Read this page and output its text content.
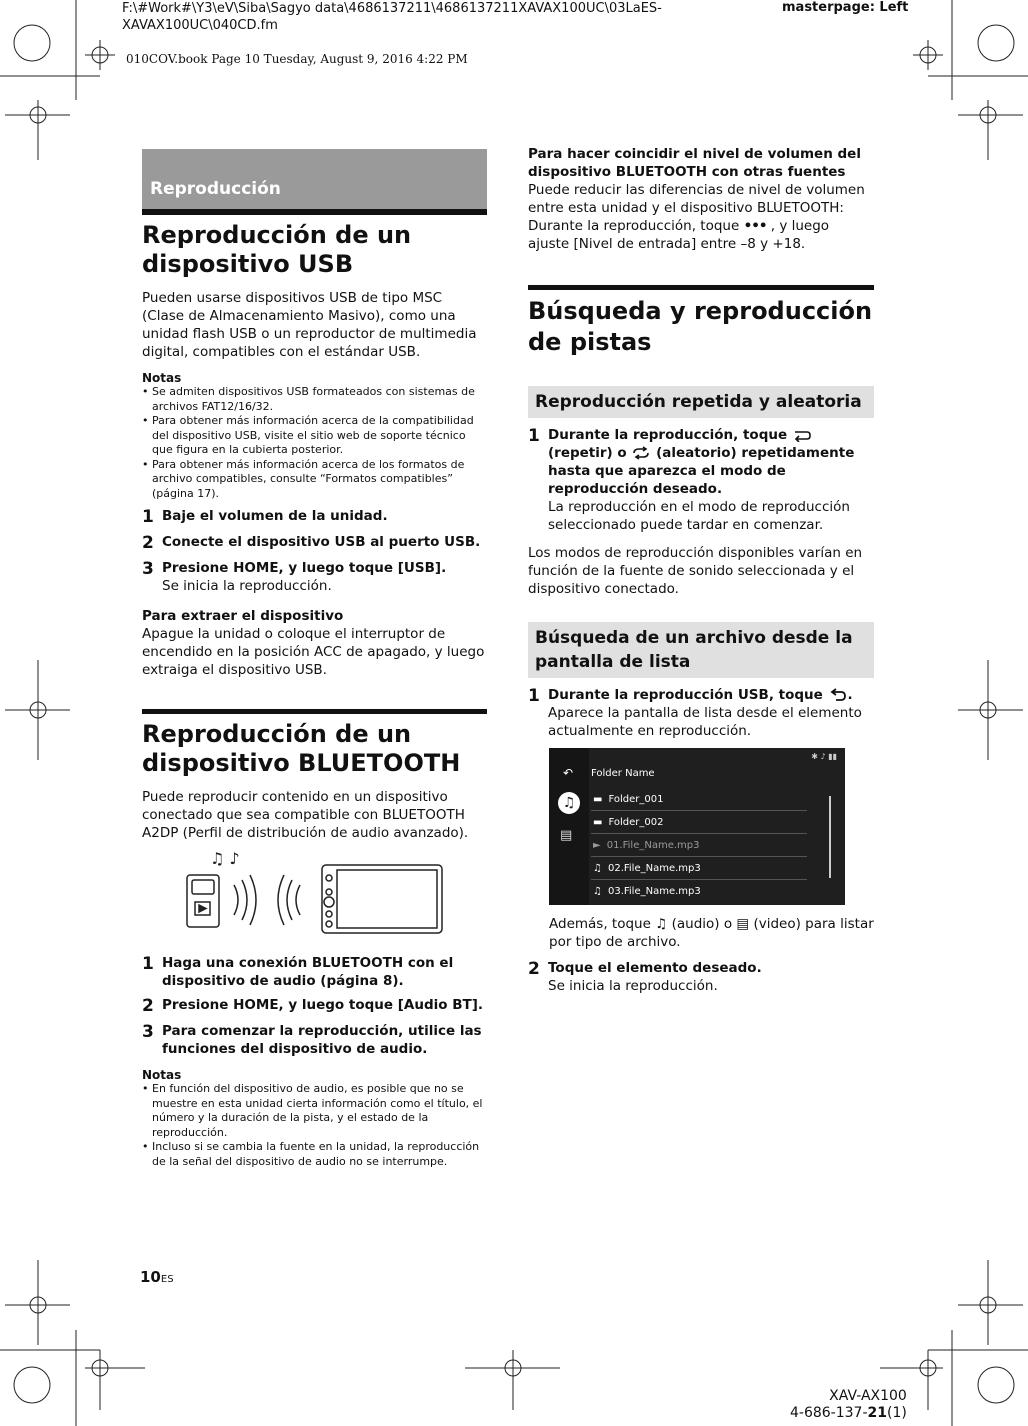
F:\#Work#\Y3\eV\Siba\Sagyo data\4686137211\4686137211XAVAX100UC\03LaES-XAVAX100UC\040CD.fm
masterpage: Left
010COV.book Page 10 Tuesday, August 9, 2016 4:22 PM
Reproducción
Reproducción de un dispositivo USB

Pueden usarse dispositivos USB de tipo MSC (Clase de Almacenamiento Masivo), como una unidad flash USB o un reproductor de multimedia digital, compatibles con el estándar USB.

Notas
• Se admiten dispositivos USB formateados con sistemas de archivos FAT12/16/32.
• Para obtener más información acerca de la compatibilidad del dispositivo USB, visite el sitio web de soporte técnico que figura en la cubierta posterior.
• Para obtener más información acerca de los formatos de archivo compatibles, consulte “Formatos compatibles” (página 17).
1 Baje el volumen de la unidad.
2 Conecte el dispositivo USB al puerto USB.
3 Presione HOME, y luego toque [USB].
Se inicia la reproducción.
Para extraer el dispositivo

Apague la unidad o coloque el interruptor de encendido en la posición ACC de apagado, y luego extraiga el dispositivo USB.

Reproducción de un dispositivo BLUETOOTH

Puede reproducir contenido en un dispositivo conectado que sea compatible con BLUETOOTH A2DP (Perfil de distribución de audio avanzado).

♫ ♪
1 Haga una conexión BLUETOOTH con el dispositivo de audio (página 8).
2 Presione HOME, y luego toque [Audio BT].
3 Para comenzar la reproducción, utilice las funciones del dispositivo de audio.
Notas
• En función del dispositivo de audio, es posible que no se muestre en esta unidad cierta información como el título, el número y la duración de la pista, y el estado de la reproducción.
• Incluso si se cambia la fuente en la unidad, la reproducción de la señal del dispositivo de audio no se interrumpe.
Para hacer coincidir el nivel de volumen del dispositivo BLUETOOTH con otras fuentes

Puede reducir las diferencias de nivel de volumen entre esta unidad y el dispositivo BLUETOOTH: Durante la reproducción, toque ••• , y luego ajuste [Nivel de entrada] entre –8 y +18.

Búsqueda y reproducción de pistas
Reproducción repetida y aleatoria
1 Durante la reproducción, toque  (repetir) o (aleatorio) repetidamente hasta que aparezca el modo de reproducción deseado.
La reproducción en el modo de reproducción seleccionado puede tardar en comenzar.

Los modos de reproducción disponibles varían en función de la fuente de sonido seleccionada y el dispositivo conectado.

Búsqueda de un archivo desde la pantalla de lista
1 Durante la reproducción USB, toque .
Aparece la pantalla de lista desde el elemento actualmente en reproducción.
♫
▤
↶ Folder Name
✱ ♪ ▮▮
▬ Folder_001
▬ Folder_002
► 01.File_Name.mp3
♫ 02.File_Name.mp3
♫ 03.File_Name.mp3

Además, toque ♫ (audio) o ▤ (video) para listar por tipo de archivo.

2 Toque el elemento deseado.
Se inicia la reproducción.
10ES
XAV-AX100
4-686-137-21(1)
